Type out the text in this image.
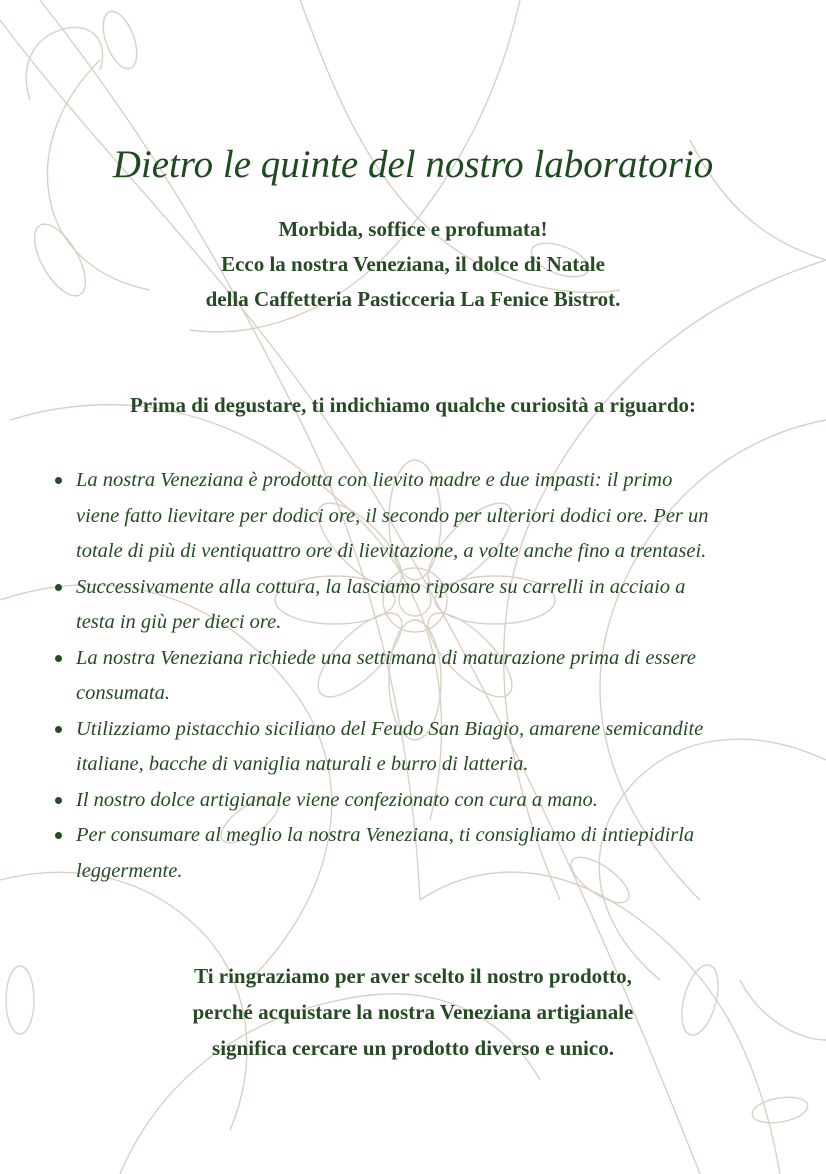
Dietro le quinte del nostro laboratorio
Morbida, soffice e profumata!
Ecco la nostra Veneziana, il dolce di Natale
della Caffetteria Pasticceria La Fenice Bistrot.
Prima di degustare, ti indichiamo qualche curiosità a riguardo:
La nostra Veneziana è prodotta con lievito madre e due impasti: il primo
viene fatto lievitare per dodici ore, il secondo per ulteriori dodici ore. Per un
totale di più di ventiquattro ore di lievitazione, a volte anche fino a trentasei.
Successivamente alla cottura, la lasciamo riposare su carrelli in acciaio a
testa in giù per dieci ore.
La nostra Veneziana richiede una settimana di maturazione prima di essere
consumata.
Utilizziamo pistacchio siciliano del Feudo San Biagio, amarene semicandite
italiane, bacche di vaniglia naturali e burro di latteria.
Il nostro dolce artigianale viene confezionato con cura a mano.
Per consumare al meglio la nostra Veneziana, ti consigliamo di intiepidirla
leggermente.
Ti ringraziamo per aver scelto il nostro prodotto,
perché acquistare la nostra Veneziana artigianale
significa cercare un prodotto diverso e unico.
